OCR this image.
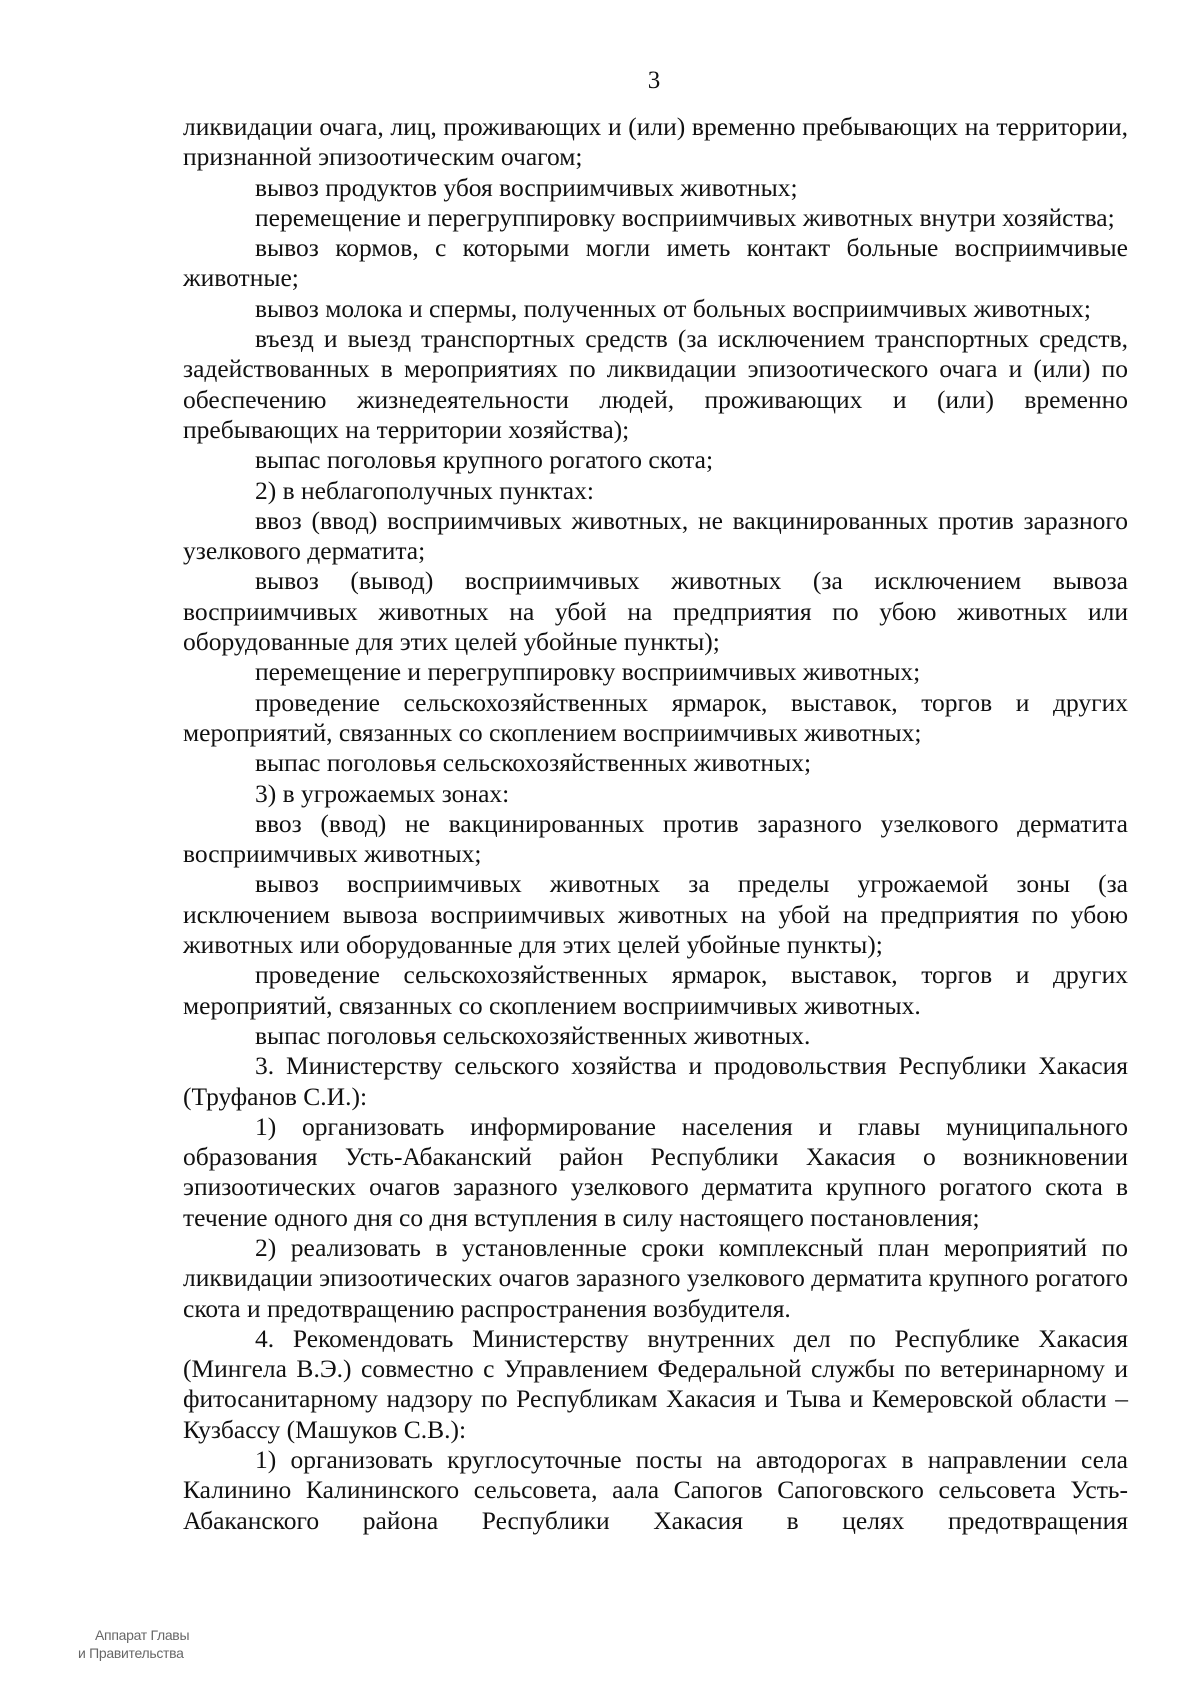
3

ликвидации очага, лиц, проживающих и (или) временно пребывающих на территории, признанной эпизоотическим очагом;

вывоз продуктов убоя восприимчивых животных;

перемещение и перегруппировку восприимчивых животных внутри хозяйства;

вывоз кормов, с которыми могли иметь контакт больные восприимчивые животные;

вывоз молока и спермы, полученных от больных восприимчивых животных;

въезд и выезд транспортных средств (за исключением транспортных средств, задействованных в мероприятиях по ликвидации эпизоотического очага и (или) по обеспечению жизнедеятельности людей, проживающих и (или) временно пребывающих на территории хозяйства);

выпас поголовья крупного рогатого скота;

2) в неблагополучных пунктах:

ввоз (ввод) восприимчивых животных, не вакцинированных против заразного узелкового дерматита;

вывоз (вывод) восприимчивых животных (за исключением вывоза восприимчивых животных на убой на предприятия по убою животных или оборудованные для этих целей убойные пункты);

перемещение и перегруппировку восприимчивых животных;

проведение сельскохозяйственных ярмарок, выставок, торгов и других мероприятий, связанных со скоплением восприимчивых животных;

выпас поголовья сельскохозяйственных животных;

3) в угрожаемых зонах:

ввоз (ввод) не вакцинированных против заразного узелкового дерматита восприимчивых животных;

вывоз восприимчивых животных за пределы угрожаемой зоны (за исключением вывоза восприимчивых животных на убой на предприятия по убою животных или оборудованные для этих целей убойные пункты);

проведение сельскохозяйственных ярмарок, выставок, торгов и других мероприятий, связанных со скоплением восприимчивых животных.

выпас поголовья сельскохозяйственных животных.

3. Министерству сельского хозяйства и продовольствия Республики Хакасия (Труфанов С.И.):

1) организовать информирование населения и главы муниципального образования Усть-Абаканский район Республики Хакасия о возникновении эпизоотических очагов заразного узелкового дерматита крупного рогатого скота в течение одного дня со дня вступления в силу настоящего постановления;

2) реализовать в установленные сроки комплексный план мероприятий по ликвидации эпизоотических очагов заразного узелкового дерматита крупного рогатого скота и предотвращению распространения возбудителя.

4. Рекомендовать Министерству внутренних дел по Республике Хакасия (Мингела В.Э.) совместно с Управлением Федеральной службы по ветеринарному и фитосанитарному надзору по Республикам Хакасия и Тыва и Кемеровской области – Кузбассу (Машуков С.В.):

1) организовать круглосуточные посты на автодорогах в направлении села Калинино Калининского сельсовета, аала Сапогов Сапоговского сельсовета Усть-Абаканского района Республики Хакасия в целях предотвращения

Аппарат Главы
и Правительства
